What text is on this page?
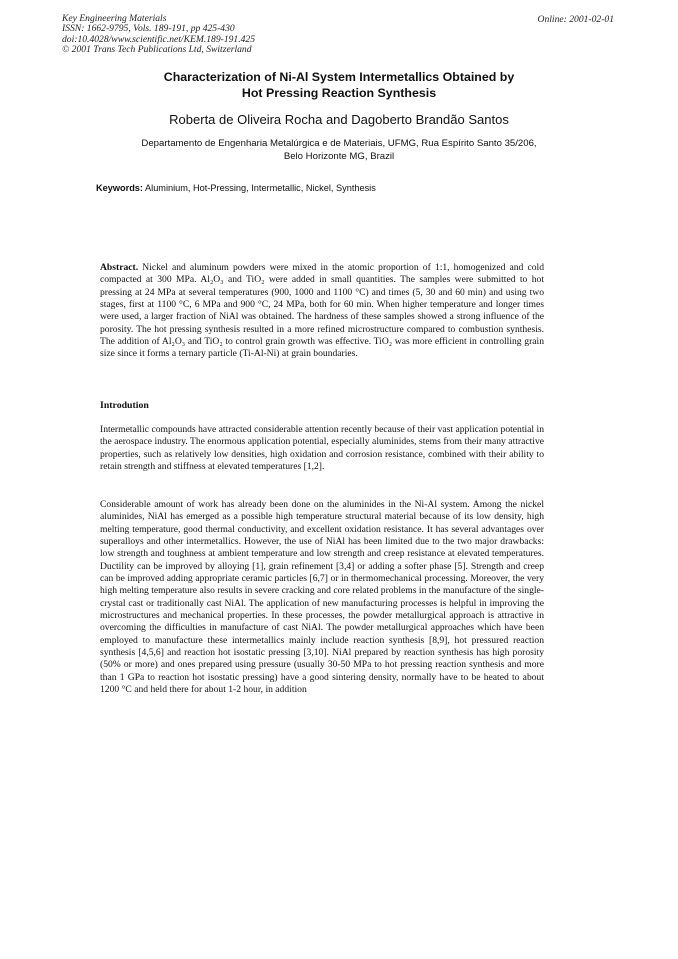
Key Engineering Materials
ISSN: 1662-9795, Vols. 189-191, pp 425-430
doi:10.4028/www.scientific.net/KEM.189-191.425
© 2001 Trans Tech Publications Ltd, Switzerland
Online: 2001-02-01
Characterization of Ni-Al System Intermetallics Obtained by
Hot Pressing Reaction Synthesis
Roberta de Oliveira Rocha and Dagoberto Brandão Santos
Departamento de Engenharia Metalúrgica e de Materiais, UFMG, Rua Espírito Santo 35/206,
Belo Horizonte MG, Brazil
Keywords: Aluminium, Hot-Pressing, Intermetallic, Nickel, Synthesis
Abstract. Nickel and aluminum powders were mixed in the atomic proportion of 1:1, homogenized and cold compacted at 300 MPa. Al₂O₃ and TiO₂ were added in small quantities. The samples were submitted to hot pressing at 24 MPa at several temperatures (900, 1000 and 1100 °C) and times (5, 30 and 60 min) and using two stages, first at 1100 °C, 6 MPa and 900 °C, 24 MPa, both for 60 min. When higher temperature and longer times were used, a larger fraction of NiAl was obtained. The hardness of these samples showed a strong influence of the porosity. The hot pressing synthesis resulted in a more refined microstructure compared to combustion synthesis. The addition of Al₂O₃ and TiO₂ to control grain growth was effective. TiO₂ was more efficient in controlling grain size since it forms a ternary particle (Ti-Al-Ni) at grain boundaries.
Introdution
Intermetallic compounds have attracted considerable attention recently because of their vast application potential in the aerospace industry. The enormous application potential, especially aluminides, stems from their many attractive properties, such as relatively low densities, high oxidation and corrosion resistance, combined with their ability to retain strength and stiffness at elevated temperatures [1,2].
Considerable amount of work has already been done on the aluminides in the Ni-Al system. Among the nickel aluminides, NiAl has emerged as a possible high temperature structural material because of its low density, high melting temperature, good thermal conductivity, and excellent oxidation resistance. It has several advantages over superalloys and other intermetallics. However, the use of NiAl has been limited due to the two major drawbacks: low strength and toughness at ambient temperature and low strength and creep resistance at elevated temperatures. Ductility can be improved by alloying [1], grain refinement [3,4] or adding a softer phase [5]. Strength and creep can be improved adding appropriate ceramic particles [6,7] or in thermomechanical processing. Moreover, the very high melting temperature also results in severe cracking and core related problems in the manufacture of the single-crystal cast or traditionally cast NiAl. The application of new manufacturing processes is helpful in improving the microstructures and mechanical properties. In these processes, the powder metallurgical approach is attractive in overcoming the difficulties in manufacture of cast NiAl. The powder metallurgical approaches which have been employed to manufacture these intermetallics mainly include reaction synthesis [8,9], hot pressured reaction synthesis [4,5,6] and reaction hot isostatic pressing [3,10]. NiAl prepared by reaction synthesis has high porosity (50% or more) and ones prepared using pressure (usually 30-50 MPa to hot pressing reaction synthesis and more than 1 GPa to reaction hot isostatic pressing) have a good sintering density, normally have to be heated to about 1200 °C and held there for about 1-2 hour, in addition
